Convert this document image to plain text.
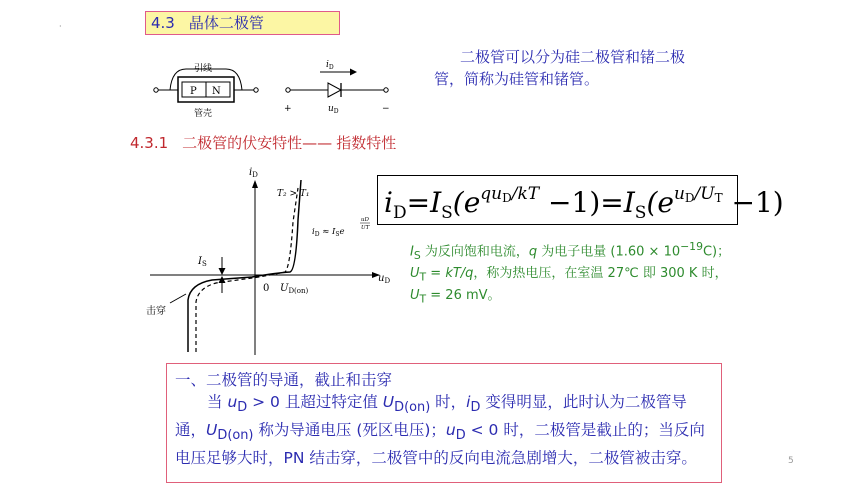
4.3 晶体二极管
·
P N
引线
管壳
$i_D$
+	$u_D$	−

二极管可以分为硅二极管和锗二极管，简称为硅管和锗管。

4.3.1 二极管的伏安特性—— 指数特性
$i_D$
$u_D$
T₂ > T₁
$i_D \approx I_Se$
uD
UT
$I_S$
0 $U_{D(on)}$
击穿
$i_D=I_S(e^{qu}D/kT -1)=I_S(e^uD/UT -1)$

$I_S$ 为反向饱和电流，q 为电子电量 $(1.60 \times 10^{-19}C)$；$U_T = kT/q$，称为热电压，在室温 27℃ 即 300 K 时，$U_T = 26$ mV。

一、二极管的导通，截止和击穿

当 $u_D > 0$ 且超过特定值 $U_{D(on)}$ 时，$i_D$ 变得明显，此时认为二极管导通，$U_{D(on)}$ 称为导通电压 (死区电压)；$u_D < 0$ 时，二极管是截止的；当反向电压足够大时，PN 结击穿，二极管中的反向电流急剧增大，二极管被击穿。	5
